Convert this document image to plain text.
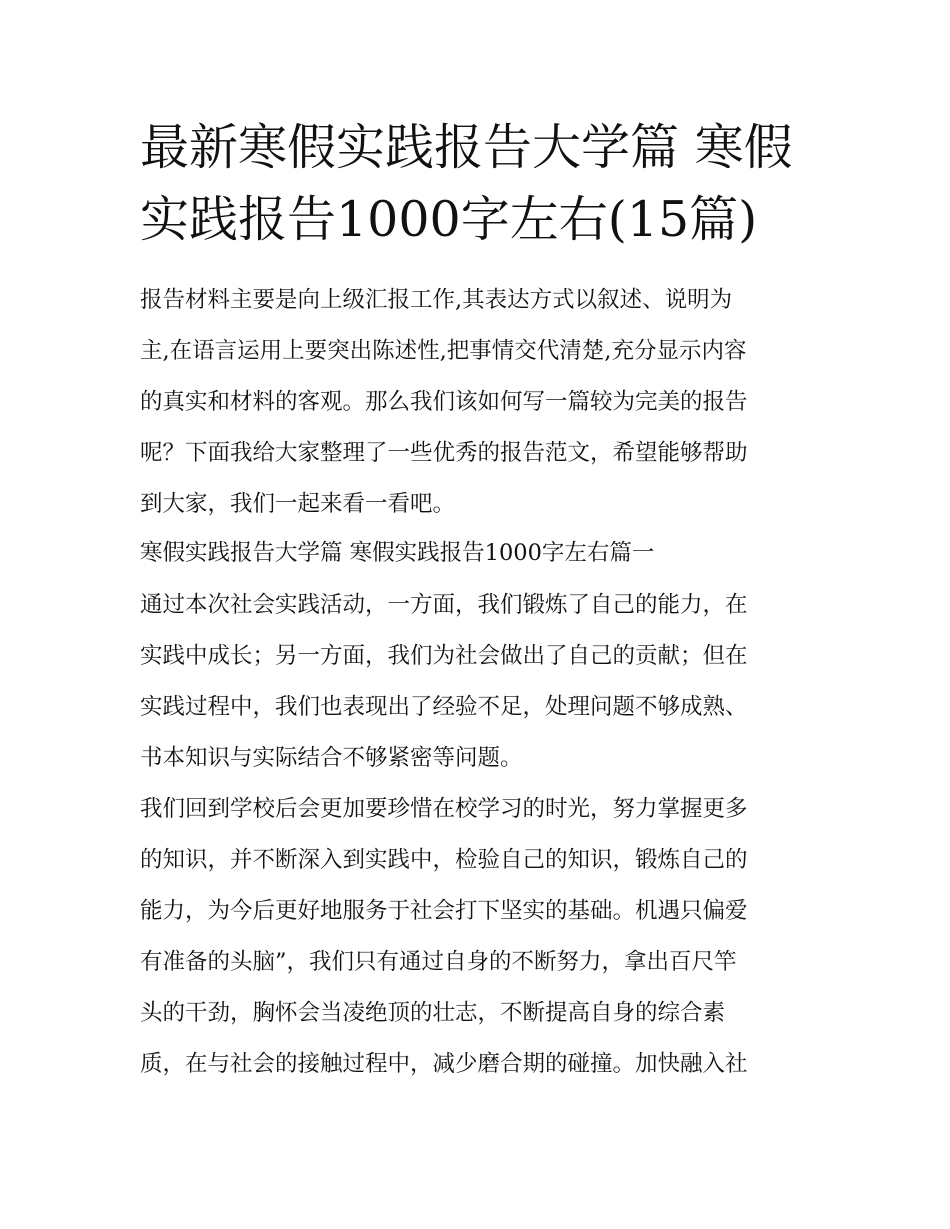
最新寒假实践报告大学篇 寒假
实践报告1000字左右(15篇)
报告材料主要是向上级汇报工作,其表达方式以叙述、说明为
主,在语言运用上要突出陈述性,把事情交代清楚,充分显示内容
的真实和材料的客观。那么我们该如何写一篇较为完美的报告
呢？下面我给大家整理了一些优秀的报告范文，希望能够帮助
到大家，我们一起来看一看吧。
寒假实践报告大学篇 寒假实践报告1000字左右篇一
通过本次社会实践活动，一方面，我们锻炼了自己的能力，在
实践中成长；另一方面，我们为社会做出了自己的贡献；但在
实践过程中，我们也表现出了经验不足，处理问题不够成熟、
书本知识与实际结合不够紧密等问题。
我们回到学校后会更加要珍惜在校学习的时光，努力掌握更多
的知识，并不断深入到实践中，检验自己的知识，锻炼自己的
能力，为今后更好地服务于社会打下坚实的基础。机遇只偏爱
有准备的头脑”，我们只有通过自身的不断努力，拿出百尺竿
头的干劲，胸怀会当凌绝顶的壮志，不断提高自身的综合素
质，在与社会的接触过程中，减少磨合期的碰撞。加快融入社
